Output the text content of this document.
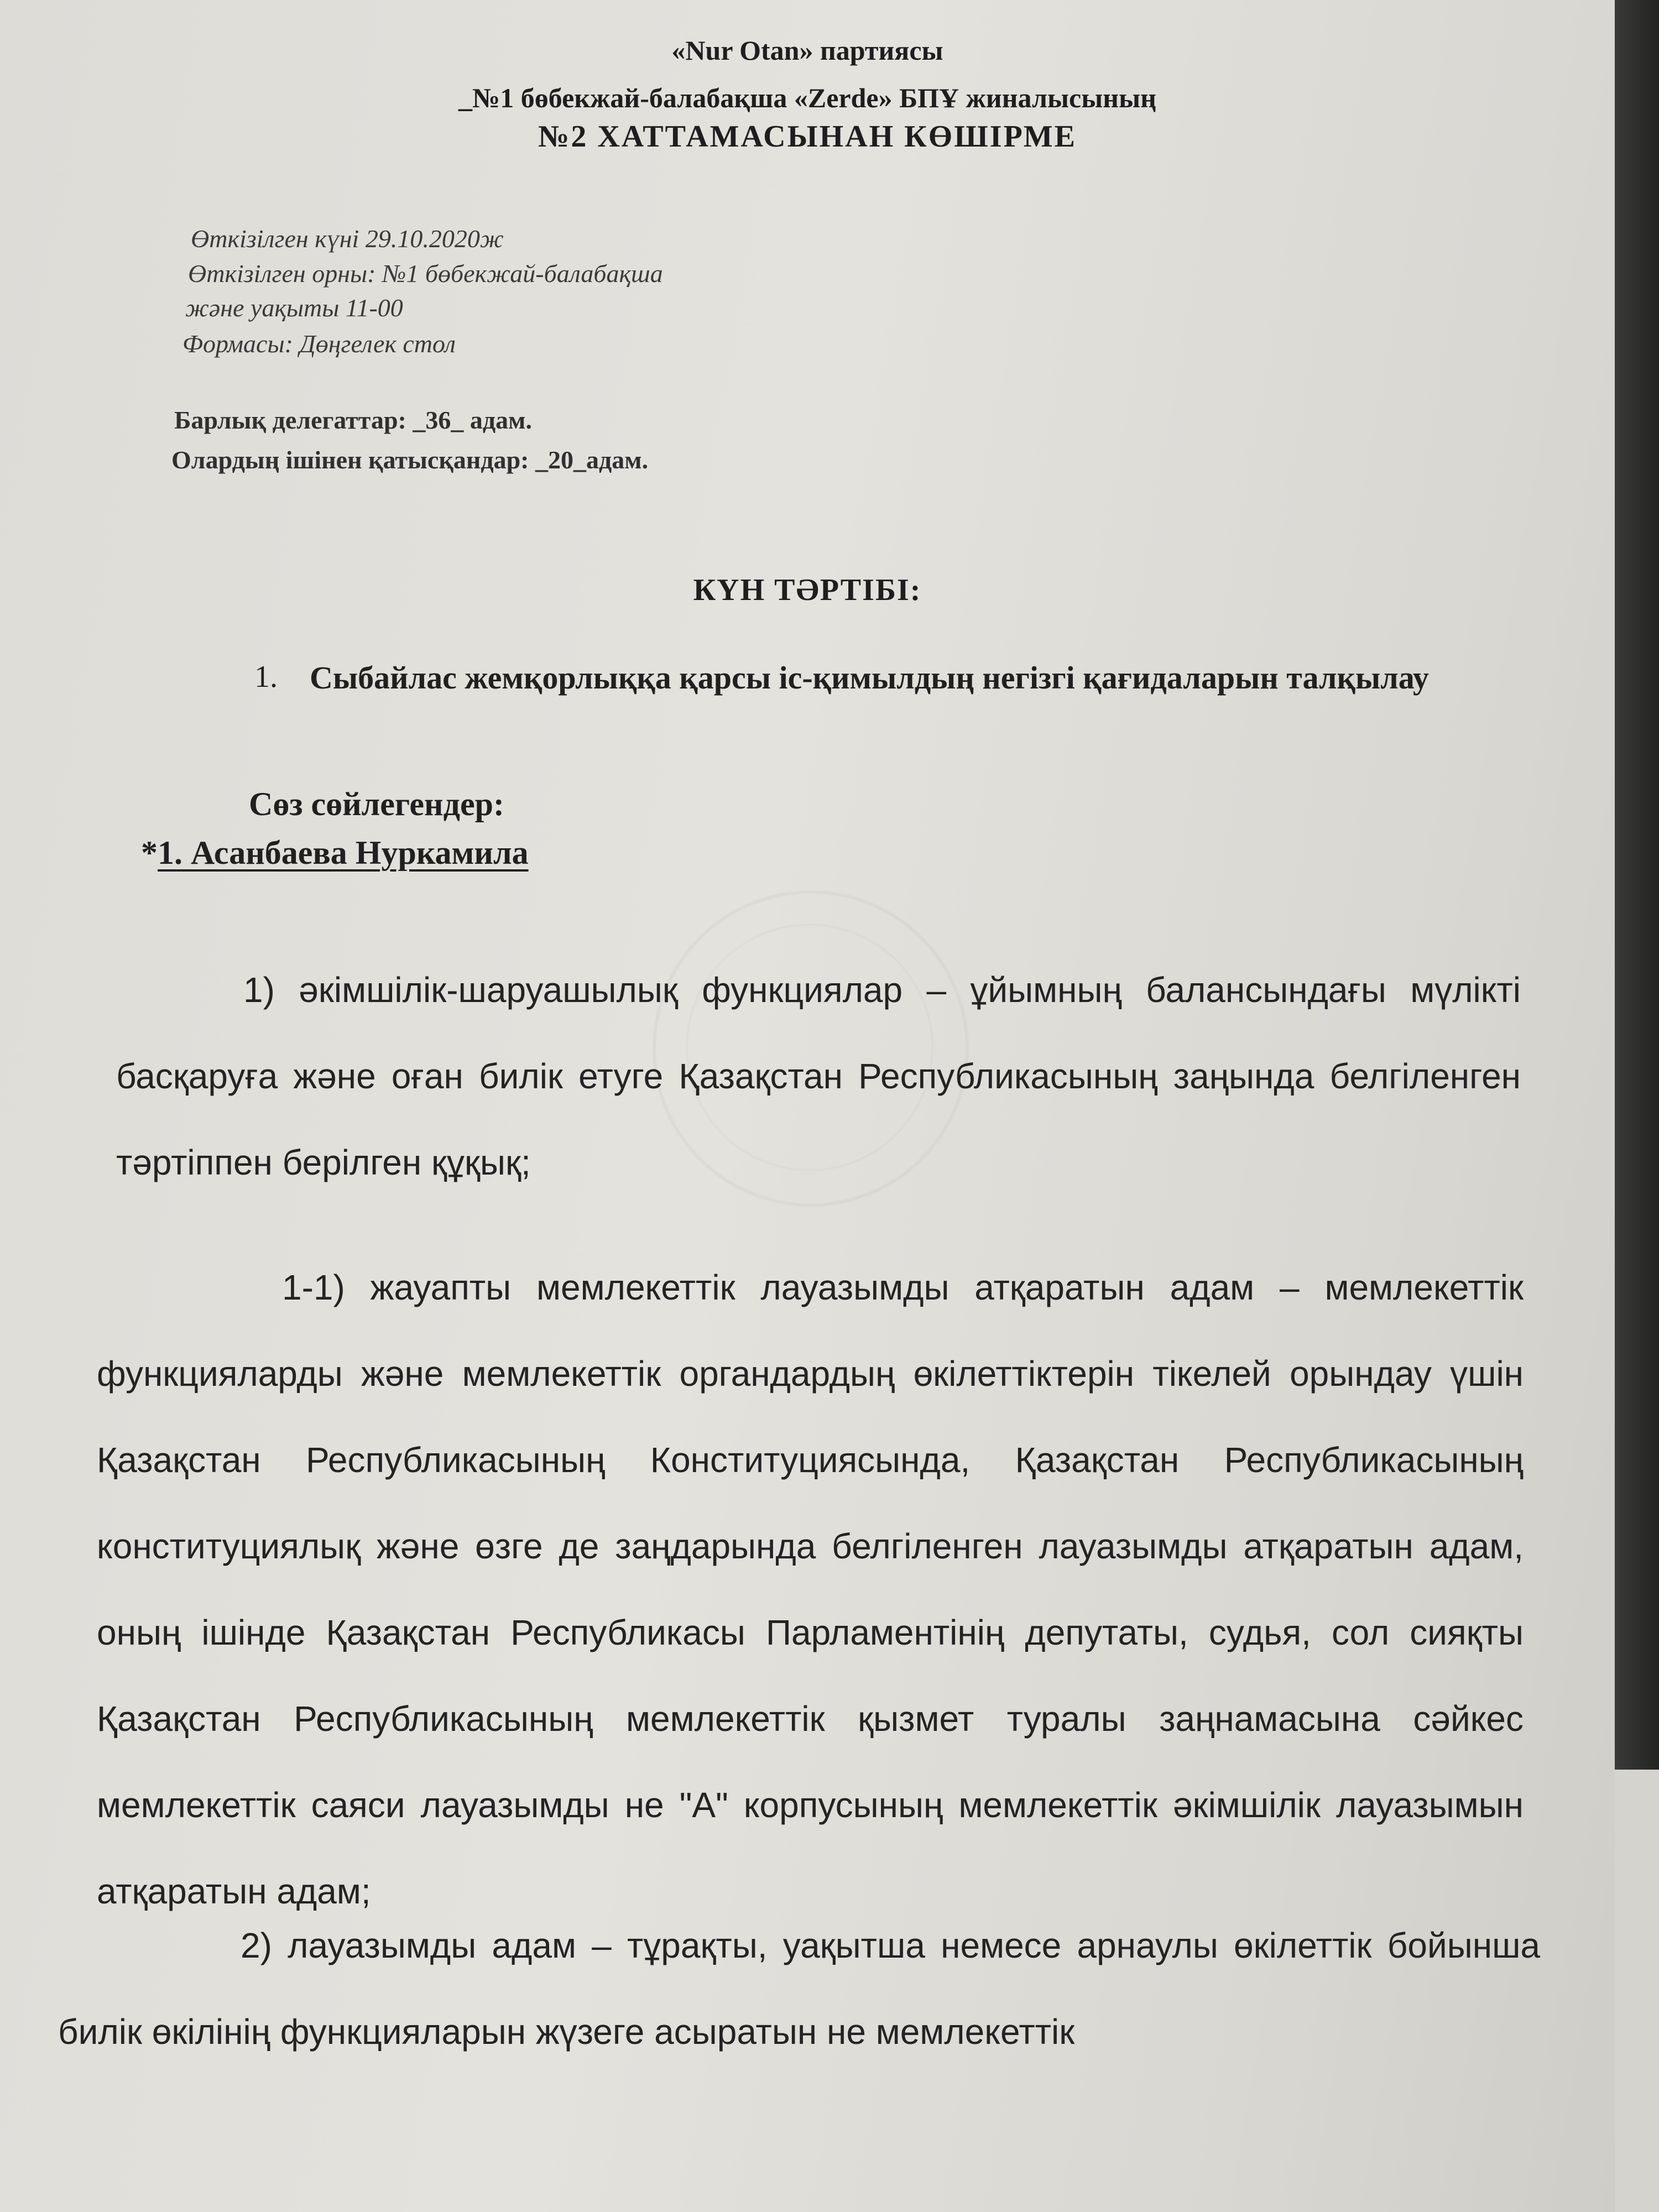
«Nur Otan» партиясы
_№1 бөбекжай-балабақша «Zerde» БПҰ жиналысының
№2 ХАТТАМАСЫНАН КӨШІРМЕ
Өткізілген күні 29.10.2020ж
Өткізілген орны: №1 бөбекжай-балабақша
және уақыты 11-00
Формасы: Дөңгелек стол
Барлық делегаттар: _36_ адам.
Олардың ішінен қатысқандар: _20_адам.
КҮН ТӘРТІБІ:
1. Сыбайлас жемқорлыққа қарсы іс-қимылдың негізгі қағидаларын талқылау
Сөз сөйлегендер:
*1. Асанбаева Нуркамила
1) әкімшілік-шаруашылық функциялар – ұйымның балансындағы мүлікті басқаруға және оған билік етуге Қазақстан Республикасының заңында белгіленген тәртіппен берілген құқық;
1-1) жауапты мемлекеттік лауазымды атқаратын адам – мемлекеттік функцияларды және мемлекеттік органдардың өкілеттіктерін тікелей орындау үшін Қазақстан Республикасының Конституциясында, Қазақстан Республикасының конституциялық және өзге де заңдарында белгіленген лауазымды атқаратын адам, оның ішінде Қазақстан Республикасы Парламентінің депутаты, судья, сол сияқты Қазақстан Республикасының мемлекеттік қызмет туралы заңнамасына сәйкес мемлекеттік саяси лауазымды не "А" корпусының мемлекеттік әкімшілік лауазымын атқаратын адам;
2) лауазымды адам – тұрақты, уақытша немесе арнаулы өкілеттік бойынша билік өкілінің функцияларын жүзеге асыратын не мемлекеттік
